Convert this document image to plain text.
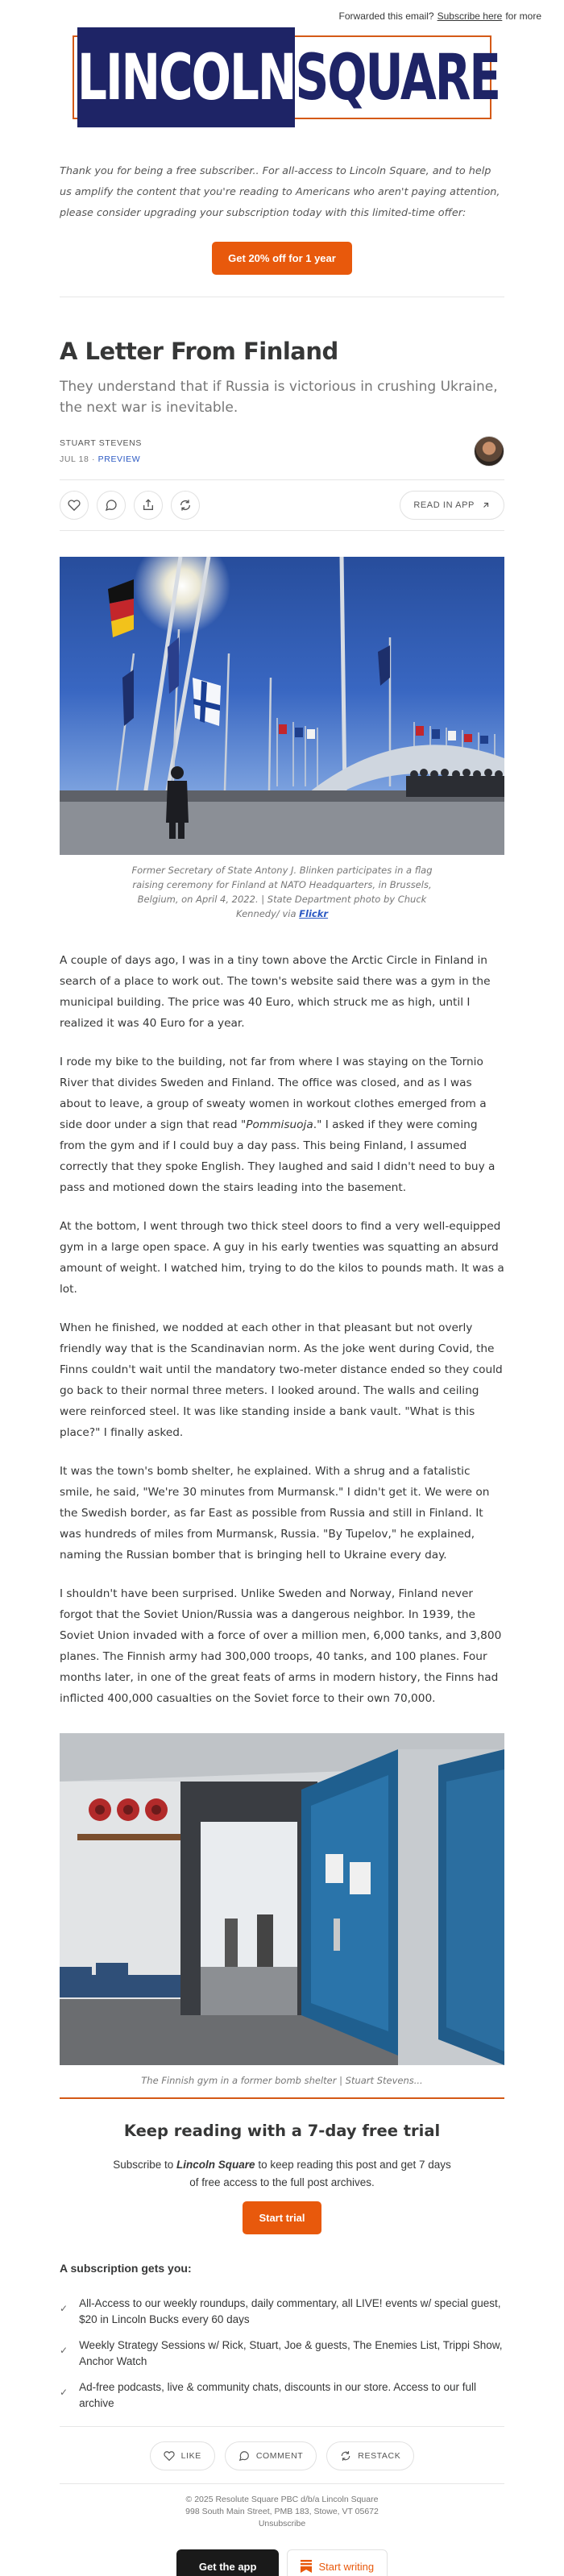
Forwarded this email? Subscribe here for more
LINCOLN SQUARE

Thank you for being a free subscriber.. For all-access to Lincoln Square, and to help us amplify the content that you're reading to Americans who aren't paying attention, please consider upgrading your subscription today with this limited-time offer:

Get 20% off for 1 year
A Letter From Finland

They understand that if Russia is victorious in crushing Ukraine, the next war is inevitable.

STUART STEVENS
JUL 18 · PREVIEW
READ IN APP

Former Secretary of State Antony J. Blinken participates in a flag raising ceremony for Finland at NATO Headquarters, in Brussels, Belgium, on April 4, 2022. | State Department photo by Chuck Kennedy/ via Flickr

A couple of days ago, I was in a tiny town above the Arctic Circle in Finland in search of a place to work out. The town's website said there was a gym in the municipal building. The price was 40 Euro, which struck me as high, until I realized it was 40 Euro for a year.

I rode my bike to the building, not far from where I was staying on the Tornio River that divides Sweden and Finland. The office was closed, and as I was about to leave, a group of sweaty women in workout clothes emerged from a side door under a sign that read "Pommisuoja." I asked if they were coming from the gym and if I could buy a day pass. This being Finland, I assumed correctly that they spoke English. They laughed and said I didn't need to buy a pass and motioned down the stairs leading into the basement.

At the bottom, I went through two thick steel doors to find a very well-equipped gym in a large open space. A guy in his early twenties was squatting an absurd amount of weight. I watched him, trying to do the kilos to pounds math. It was a lot.

When he finished, we nodded at each other in that pleasant but not overly friendly way that is the Scandinavian norm. As the joke went during Covid, the Finns couldn't wait until the mandatory two-meter distance ended so they could go back to their normal three meters. I looked around. The walls and ceiling were reinforced steel. It was like standing inside a bank vault. "What is this place?" I finally asked.

It was the town's bomb shelter, he explained. With a shrug and a fatalistic smile, he said, "We're 30 minutes from Murmansk." I didn't get it. We were on the Swedish border, as far East as possible from Russia and still in Finland. It was hundreds of miles from Murmansk, Russia. "By Tupelov," he explained, naming the Russian bomber that is bringing hell to Ukraine every day.

I shouldn't have been surprised. Unlike Sweden and Norway, Finland never forgot that the Soviet Union/Russia was a dangerous neighbor. In 1939, the Soviet Union invaded with a force of over a million men, 6,000 tanks, and 3,800 planes. The Finnish army had 300,000 troops, 40 tanks, and 100 planes. Four months later, in one of the great feats of arms in modern history, the Finns had inflicted 400,000 casualties on the Soviet force to their own 70,000.

The Finnish gym in a former bomb shelter | Stuart Stevens...

Keep reading with a 7-day free trial

Subscribe to Lincoln Square to keep reading this post and get 7 days of free access to the full post archives.

Start trial
A subscription gets you:
✓ All-Access to our weekly roundups, daily commentary, all LIVE! events w/ special guest, $20 in Lincoln Bucks every 60 days
✓ Weekly Strategy Sessions w/ Rick, Stuart, Joe & guests, The Enemies List, Trippi Show, Anchor Watch
✓ Ad-free podcasts, live & community chats, discounts in our store. Access to our full archive
LIKE	COMMENT	RESTACK
© 2025 Resolute Square PBC d/b/a Lincoln Square
998 South Main Street, PMB 183, Stowe, VT 05672
Unsubscribe
Get the app	Start writing
